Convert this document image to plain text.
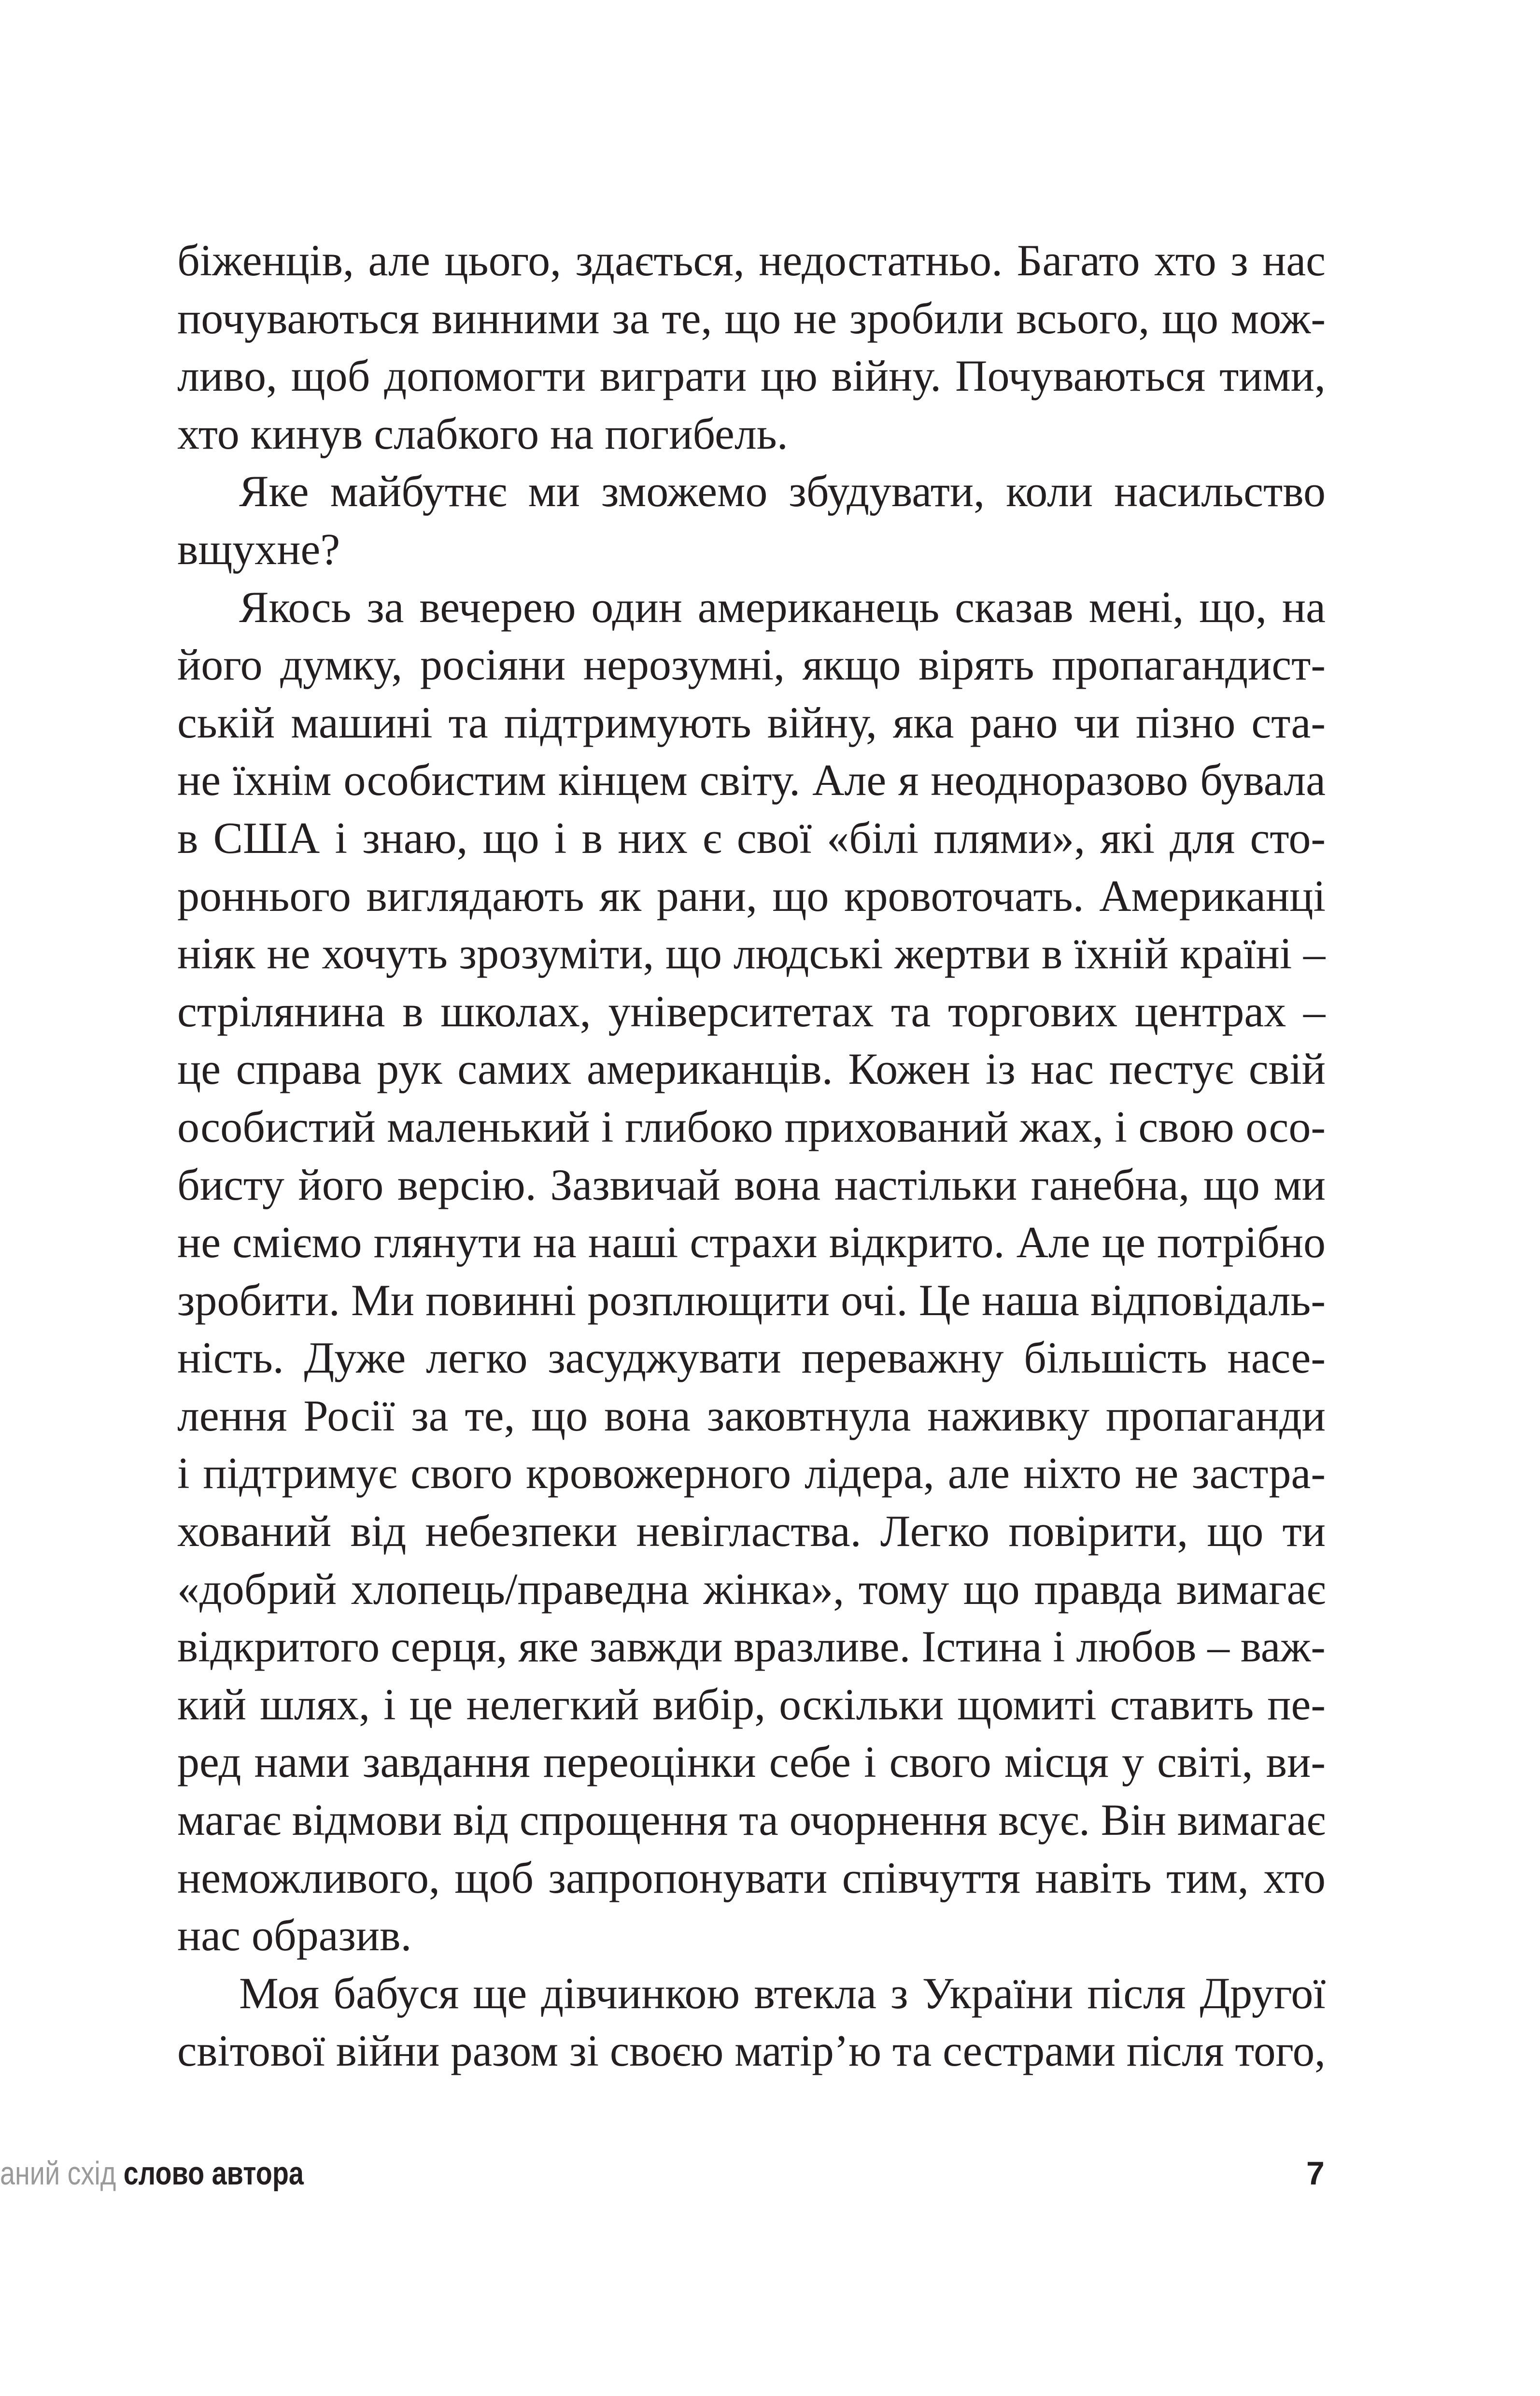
біженців, але цього, здається, недостатньо. Багато хто з нас
почуваються винними за те, що не зробили всього, що мож-
ливо, щоб допомогти виграти цю війну. Почуваються тими,
хто кинув слабкого на погибель.
Яке майбутнє ми зможемо збудувати, коли насильство
вщухне?
Якось за вечерею один американець сказав мені, що, на
його думку, росіяни нерозумні, якщо вірять пропагандист-
ській машині та підтримують війну, яка рано чи пізно ста-
не їхнім особистим кінцем світу. Але я неодноразово бувала
в США і знаю, що і в них є свої «білі плями», які для сто-
роннього виглядають як рани, що кровоточать. Американці
ніяк не хочуть зрозуміти, що людські жертви в їхній країні –
стрілянина в школах, університетах та торгових центрах –
це справа рук самих американців. Кожен із нас пестує свій
особистий маленький і глибоко прихований жах, і свою осо-
бисту його версію. Зазвичай вона настільки ганебна, що ми
не сміємо глянути на наші страхи відкрито. Але це потрібно
зробити. Ми повинні розплющити очі. Це наша відповідаль-
ність. Дуже легко засуджувати переважну більшість насе-
лення Росії за те, що вона заковтнула наживку пропаганди
і підтримує свого кровожерного лідера, але ніхто не застра-
хований від небезпеки невігластва. Легко повірити, що ти
«добрий хлопець/праведна жінка», тому що правда вимагає
відкритого серця, яке завжди вразливе. Істина і любов – важ-
кий шлях, і це нелегкий вибір, оскільки щомиті ставить пе-
ред нами завдання переоцінки себе і свого місця у світі, ви-
магає відмови від спрощення та очорнення всує. Він вимагає
неможливого, щоб запропонувати співчуття навіть тим, хто
нас образив.
Моя бабуся ще дівчинкою втекла з України після Другої
світової війни разом зі своєю матір’ю та сестрами після того,
аний схід слово автора	7
